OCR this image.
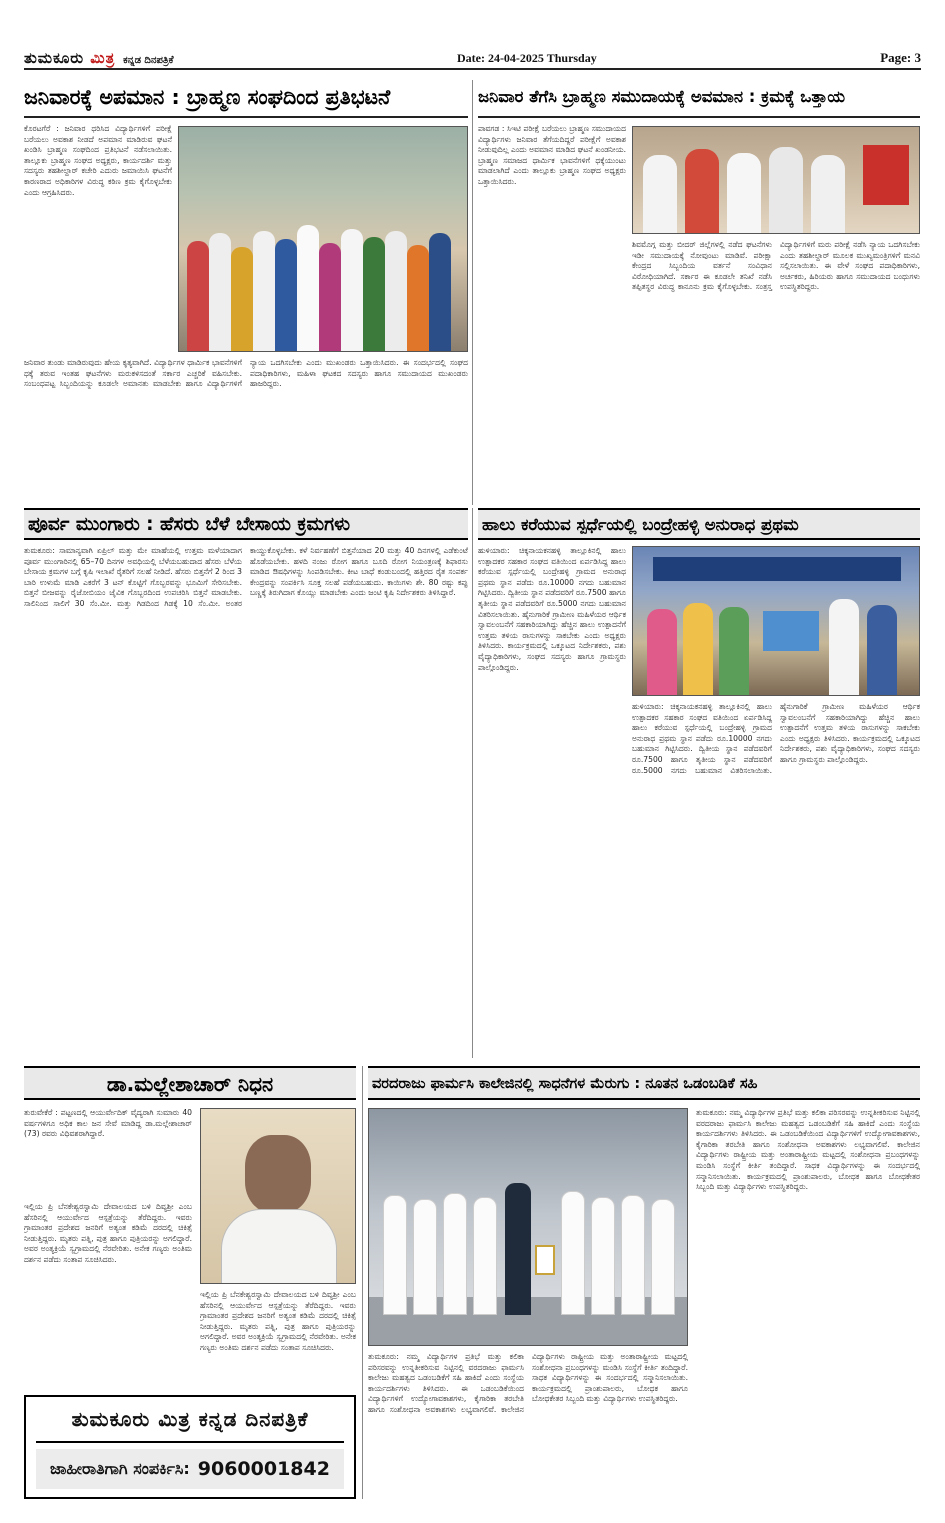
ತುಮಕೂರು ಮಿತ್ರ ಕನ್ನಡ ದಿನಪತ್ರಿಕೆ	Date: 24-04-2025 Thursday	Page: 3
ಜನಿವಾರಕ್ಕೆ ಅಪಮಾನ : ಬ್ರಾಹ್ಮಣ ಸಂಘದಿಂದ ಪ್ರತಿಭಟನೆ
ಕೊರಟಗೆರೆ : ಜನಿವಾರ ಧರಿಸಿದ ವಿದ್ಯಾರ್ಥಿಗಳಿಗೆ ಪರೀಕ್ಷೆ ಬರೆಯಲು ಅವಕಾಶ ನೀಡದೆ ಅಪಮಾನ ಮಾಡಿರುವ ಘಟನೆ ಖಂಡಿಸಿ ಬ್ರಾಹ್ಮಣ ಸಂಘದಿಂದ ಪ್ರತಿಭಟನೆ ನಡೆಸಲಾಯಿತು. ತಾಲ್ಲೂಕು ಬ್ರಾಹ್ಮಣ ಸಂಘದ ಅಧ್ಯಕ್ಷರು, ಕಾರ್ಯದರ್ಶಿ ಮತ್ತು ಸದಸ್ಯರು ತಹಶೀಲ್ದಾರ್ ಕಚೇರಿ ಎದುರು ಜಮಾಯಿಸಿ ಘಟನೆಗೆ ಕಾರಣರಾದ ಅಧಿಕಾರಿಗಳ ವಿರುದ್ಧ ಕಠಿಣ ಕ್ರಮ ಕೈಗೊಳ್ಳಬೇಕು ಎಂದು ಆಗ್ರಹಿಸಿದರು.
ಜನಿವಾರ ತುಂಡು ಮಾಡಿರುವುದು ಹೇಯ ಕೃತ್ಯವಾಗಿದೆ. ವಿದ್ಯಾರ್ಥಿಗಳ ಧಾರ್ಮಿಕ ಭಾವನೆಗಳಿಗೆ ಧಕ್ಕೆ ತರುವ ಇಂತಹ ಘಟನೆಗಳು ಮರುಕಳಿಸದಂತೆ ಸರ್ಕಾರ ಎಚ್ಚರಿಕೆ ವಹಿಸಬೇಕು. ಸಂಬಂಧಪಟ್ಟ ಸಿಬ್ಬಂದಿಯನ್ನು ಕೂಡಲೇ ಅಮಾನತು ಮಾಡಬೇಕು ಹಾಗೂ ವಿದ್ಯಾರ್ಥಿಗಳಿಗೆ ನ್ಯಾಯ ಒದಗಿಸಬೇಕು ಎಂದು ಮುಖಂಡರು ಒತ್ತಾಯಿಸಿದರು. ಈ ಸಂದರ್ಭದಲ್ಲಿ ಸಂಘದ ಪದಾಧಿಕಾರಿಗಳು, ಮಹಿಳಾ ಘಟಕದ ಸದಸ್ಯರು ಹಾಗೂ ಸಮುದಾಯದ ಮುಖಂಡರು ಹಾಜರಿದ್ದರು.
ಜನಿವಾರ ತೆಗೆಸಿ ಬ್ರಾಹ್ಮಣ ಸಮುದಾಯಕ್ಕೆ ಅವಮಾನ : ಕ್ರಮಕ್ಕೆ ಒತ್ತಾಯ
ಪಾವಗಡ : ಸಿಇಟಿ ಪರೀಕ್ಷೆ ಬರೆಯಲು ಬ್ರಾಹ್ಮಣ ಸಮುದಾಯದ ವಿದ್ಯಾರ್ಥಿಗಳು ಜನಿವಾರ ತೆಗೆಯದಿದ್ದರೆ ಪರೀಕ್ಷೆಗೆ ಅವಕಾಶ ನೀಡುವುದಿಲ್ಲ ಎಂದು ಅವಮಾನ ಮಾಡಿದ ಘಟನೆ ಖಂಡನೀಯ. ಬ್ರಾಹ್ಮಣ ಸಮಾಜದ ಧಾರ್ಮಿಕ ಭಾವನೆಗಳಿಗೆ ಧಕ್ಕೆಯುಂಟು ಮಾಡಲಾಗಿದೆ ಎಂದು ತಾಲ್ಲೂಕು ಬ್ರಾಹ್ಮಣ ಸಂಘದ ಅಧ್ಯಕ್ಷರು ಒತ್ತಾಯಿಸಿದರು.
ಶಿವಮೊಗ್ಗ ಮತ್ತು ಬೀದರ್ ಜಿಲ್ಲೆಗಳಲ್ಲಿ ನಡೆದ ಘಟನೆಗಳು ಇಡೀ ಸಮುದಾಯಕ್ಕೆ ನೋವುಂಟು ಮಾಡಿವೆ. ಪರೀಕ್ಷಾ ಕೇಂದ್ರದ ಸಿಬ್ಬಂದಿಯ ವರ್ತನೆ ಸಂವಿಧಾನ ವಿರೋಧಿಯಾಗಿದೆ. ಸರ್ಕಾರ ಈ ಕೂಡಲೇ ತನಿಖೆ ನಡೆಸಿ ತಪ್ಪಿತಸ್ಥರ ವಿರುದ್ಧ ಕಾನೂನು ಕ್ರಮ ಕೈಗೊಳ್ಳಬೇಕು. ಸಂತ್ರಸ್ತ ವಿದ್ಯಾರ್ಥಿಗಳಿಗೆ ಮರು ಪರೀಕ್ಷೆ ನಡೆಸಿ ನ್ಯಾಯ ಒದಗಿಸಬೇಕು ಎಂದು ತಹಶೀಲ್ದಾರ್ ಮೂಲಕ ಮುಖ್ಯಮಂತ್ರಿಗಳಿಗೆ ಮನವಿ ಸಲ್ಲಿಸಲಾಯಿತು. ಈ ವೇಳೆ ಸಂಘದ ಪದಾಧಿಕಾರಿಗಳು, ಅರ್ಚಕರು, ಹಿರಿಯರು ಹಾಗೂ ಸಮುದಾಯದ ಬಂಧುಗಳು ಉಪಸ್ಥಿತರಿದ್ದರು.
ಪೂರ್ವ ಮುಂಗಾರು : ಹೆಸರು ಬೆಳೆ ಬೇಸಾಯ ಕ್ರಮಗಳು
ತುಮಕೂರು: ಸಾಮಾನ್ಯವಾಗಿ ಏಪ್ರಿಲ್ ಮತ್ತು ಮೇ ಮಾಹೆಯಲ್ಲಿ ಉತ್ತಮ ಮಳೆಯಾದಾಗ ಪೂರ್ವ ಮುಂಗಾರಿನಲ್ಲಿ 65–70 ದಿನಗಳ ಅವಧಿಯಲ್ಲಿ ಬೆಳೆಯಬಹುದಾದ ಹೆಸರು ಬೆಳೆಯ ಬೇಸಾಯ ಕ್ರಮಗಳ ಬಗ್ಗೆ ಕೃಷಿ ಇಲಾಖೆ ರೈತರಿಗೆ ಸಲಹೆ ನೀಡಿದೆ. ಹೆಸರು ಬಿತ್ತನೆಗೆ 2 ರಿಂದ 3 ಬಾರಿ ಉಳುಮೆ ಮಾಡಿ ಎಕರೆಗೆ 3 ಟನ್ ಕೊಟ್ಟಿಗೆ ಗೊಬ್ಬರವನ್ನು ಭೂಮಿಗೆ ಸೇರಿಸಬೇಕು. ಬಿತ್ತನೆ ಬೀಜವನ್ನು ರೈಜೋಬಿಯಂ ಜೈವಿಕ ಗೊಬ್ಬರದಿಂದ ಉಪಚರಿಸಿ ಬಿತ್ತನೆ ಮಾಡಬೇಕು. ಸಾಲಿನಿಂದ ಸಾಲಿಗೆ 30 ಸೆಂ.ಮೀ. ಮತ್ತು ಗಿಡದಿಂದ ಗಿಡಕ್ಕೆ 10 ಸೆಂ.ಮೀ. ಅಂತರ ಕಾಯ್ದುಕೊಳ್ಳಬೇಕು. ಕಳೆ ನಿರ್ವಹಣೆಗೆ ಬಿತ್ತನೆಯಾದ 20 ಮತ್ತು 40 ದಿನಗಳಲ್ಲಿ ಎಡೆಕುಂಟೆ ಹೊಡೆಯಬೇಕು. ಹಳದಿ ನಂಜು ರೋಗ ಹಾಗೂ ಬೂದಿ ರೋಗ ನಿಯಂತ್ರಣಕ್ಕೆ ಶಿಫಾರಸು ಮಾಡಿದ ಔಷಧಿಗಳನ್ನು ಸಿಂಪಡಿಸಬೇಕು. ಕೀಟ ಬಾಧೆ ಕಂಡುಬಂದಲ್ಲಿ ಹತ್ತಿರದ ರೈತ ಸಂಪರ್ಕ ಕೇಂದ್ರವನ್ನು ಸಂಪರ್ಕಿಸಿ ಸೂಕ್ತ ಸಲಹೆ ಪಡೆಯಬಹುದು. ಕಾಯಿಗಳು ಶೇ. 80 ರಷ್ಟು ಕಪ್ಪು ಬಣ್ಣಕ್ಕೆ ತಿರುಗಿದಾಗ ಕೊಯ್ಲು ಮಾಡಬೇಕು ಎಂದು ಜಂಟಿ ಕೃಷಿ ನಿರ್ದೇಶಕರು ತಿಳಿಸಿದ್ದಾರೆ.
ಹಾಲು ಕರೆಯುವ ಸ್ಪರ್ಧೆಯಲ್ಲಿ ಬಂದ್ರೇಹಳ್ಳಿ ಅನುರಾಧ ಪ್ರಥಮ
ಹುಳಿಯಾರು: ಚಿಕ್ಕನಾಯಕನಹಳ್ಳಿ ತಾಲ್ಲೂಕಿನಲ್ಲಿ ಹಾಲು ಉತ್ಪಾದಕರ ಸಹಕಾರ ಸಂಘದ ವತಿಯಿಂದ ಏರ್ಪಡಿಸಿದ್ದ ಹಾಲು ಕರೆಯುವ ಸ್ಪರ್ಧೆಯಲ್ಲಿ ಬಂದ್ರೇಹಳ್ಳಿ ಗ್ರಾಮದ ಅನುರಾಧ ಪ್ರಥಮ ಸ್ಥಾನ ಪಡೆದು ರೂ.10000 ನಗದು ಬಹುಮಾನ ಗಿಟ್ಟಿಸಿದರು. ದ್ವಿತೀಯ ಸ್ಥಾನ ಪಡೆದವರಿಗೆ ರೂ.7500 ಹಾಗೂ ತೃತೀಯ ಸ್ಥಾನ ಪಡೆದವರಿಗೆ ರೂ.5000 ನಗದು ಬಹುಮಾನ ವಿತರಿಸಲಾಯಿತು. ಹೈನುಗಾರಿಕೆ ಗ್ರಾಮೀಣ ಮಹಿಳೆಯರ ಆರ್ಥಿಕ ಸ್ವಾವಲಂಬನೆಗೆ ಸಹಕಾರಿಯಾಗಿದ್ದು ಹೆಚ್ಚಿನ ಹಾಲು ಉತ್ಪಾದನೆಗೆ ಉತ್ತಮ ತಳಿಯ ರಾಸುಗಳನ್ನು ಸಾಕಬೇಕು ಎಂದು ಅಧ್ಯಕ್ಷರು ತಿಳಿಸಿದರು. ಕಾರ್ಯಕ್ರಮದಲ್ಲಿ ಒಕ್ಕೂಟದ ನಿರ್ದೇಶಕರು, ಪಶು ವೈದ್ಯಾಧಿಕಾರಿಗಳು, ಸಂಘದ ಸದಸ್ಯರು ಹಾಗೂ ಗ್ರಾಮಸ್ಥರು ಪಾಲ್ಗೊಂಡಿದ್ದರು.
ಹುಳಿಯಾರು: ಚಿಕ್ಕನಾಯಕನಹಳ್ಳಿ ತಾಲ್ಲೂಕಿನಲ್ಲಿ ಹಾಲು ಉತ್ಪಾದಕರ ಸಹಕಾರ ಸಂಘದ ವತಿಯಿಂದ ಏರ್ಪಡಿಸಿದ್ದ ಹಾಲು ಕರೆಯುವ ಸ್ಪರ್ಧೆಯಲ್ಲಿ ಬಂದ್ರೇಹಳ್ಳಿ ಗ್ರಾಮದ ಅನುರಾಧ ಪ್ರಥಮ ಸ್ಥಾನ ಪಡೆದು ರೂ.10000 ನಗದು ಬಹುಮಾನ ಗಿಟ್ಟಿಸಿದರು. ದ್ವಿತೀಯ ಸ್ಥಾನ ಪಡೆದವರಿಗೆ ರೂ.7500 ಹಾಗೂ ತೃತೀಯ ಸ್ಥಾನ ಪಡೆದವರಿಗೆ ರೂ.5000 ನಗದು ಬಹುಮಾನ ವಿತರಿಸಲಾಯಿತು. ಹೈನುಗಾರಿಕೆ ಗ್ರಾಮೀಣ ಮಹಿಳೆಯರ ಆರ್ಥಿಕ ಸ್ವಾವಲಂಬನೆಗೆ ಸಹಕಾರಿಯಾಗಿದ್ದು ಹೆಚ್ಚಿನ ಹಾಲು ಉತ್ಪಾದನೆಗೆ ಉತ್ತಮ ತಳಿಯ ರಾಸುಗಳನ್ನು ಸಾಕಬೇಕು ಎಂದು ಅಧ್ಯಕ್ಷರು ತಿಳಿಸಿದರು. ಕಾರ್ಯಕ್ರಮದಲ್ಲಿ ಒಕ್ಕೂಟದ ನಿರ್ದೇಶಕರು, ಪಶು ವೈದ್ಯಾಧಿಕಾರಿಗಳು, ಸಂಘದ ಸದಸ್ಯರು ಹಾಗೂ ಗ್ರಾಮಸ್ಥರು ಪಾಲ್ಗೊಂಡಿದ್ದರು.
ಡಾ.ಮಲ್ಲೇಶಾಚಾರ್ ನಿಧನ
ತುರುವೇಕೆರೆ : ಪಟ್ಟಣದಲ್ಲಿ ಆಯುರ್ವೇದಿಕ್ ವೈದ್ಯರಾಗಿ ಸುಮಾರು 40 ವರ್ಷಗಳಿಗೂ ಅಧಿಕ ಕಾಲ ಜನ ಸೇವೆ ಮಾಡಿದ್ದ ಡಾ.ಮಲ್ಲೇಶಾಚಾರ್ (73) ರವರು ವಿಧಿವಶರಾಗಿದ್ದಾರೆ.
ಇಲ್ಲಿಯ ಪ್ರಿ ಬೆನಕೇಶ್ವರಸ್ವಾಮಿ ದೇವಾಲಯದ ಬಳಿ ದಿವ್ಯಶ್ರೀ ಎಂಬ ಹೆಸರಿನಲ್ಲಿ ಆಯುರ್ವೇದ ಆಸ್ಪತ್ರೆಯನ್ನು ತೆರೆದಿದ್ದರು. ಇವರು ಗ್ರಾಮಾಂತರ ಪ್ರದೇಶದ ಜನರಿಗೆ ಅತ್ಯಂತ ಕಡಿಮೆ ದರದಲ್ಲಿ ಚಿಕಿತ್ಸೆ ನೀಡುತ್ತಿದ್ದರು. ಮೃತರು ಪತ್ನಿ, ಪುತ್ರ ಹಾಗೂ ಪುತ್ರಿಯರನ್ನು ಅಗಲಿದ್ದಾರೆ. ಅವರ ಅಂತ್ಯಕ್ರಿಯೆ ಸ್ವಗ್ರಾಮದಲ್ಲಿ ನೆರವೇರಿತು. ಅನೇಕ ಗಣ್ಯರು ಅಂತಿಮ ದರ್ಶನ ಪಡೆದು ಸಂತಾಪ ಸೂಚಿಸಿದರು.
ಇಲ್ಲಿಯ ಪ್ರಿ ಬೆನಕೇಶ್ವರಸ್ವಾಮಿ ದೇವಾಲಯದ ಬಳಿ ದಿವ್ಯಶ್ರೀ ಎಂಬ ಹೆಸರಿನಲ್ಲಿ ಆಯುರ್ವೇದ ಆಸ್ಪತ್ರೆಯನ್ನು ತೆರೆದಿದ್ದರು. ಇವರು ಗ್ರಾಮಾಂತರ ಪ್ರದೇಶದ ಜನರಿಗೆ ಅತ್ಯಂತ ಕಡಿಮೆ ದರದಲ್ಲಿ ಚಿಕಿತ್ಸೆ ನೀಡುತ್ತಿದ್ದರು. ಮೃತರು ಪತ್ನಿ, ಪುತ್ರ ಹಾಗೂ ಪುತ್ರಿಯರನ್ನು ಅಗಲಿದ್ದಾರೆ. ಅವರ ಅಂತ್ಯಕ್ರಿಯೆ ಸ್ವಗ್ರಾಮದಲ್ಲಿ ನೆರವೇರಿತು. ಅನೇಕ ಗಣ್ಯರು ಅಂತಿಮ ದರ್ಶನ ಪಡೆದು ಸಂತಾಪ ಸೂಚಿಸಿದರು.
ತುಮಕೂರು ಮಿತ್ರ ಕನ್ನಡ ದಿನಪತ್ರಿಕೆ
ಜಾಹೀರಾತಿಗಾಗಿ ಸಂಪರ್ಕಿಸಿ: 9060001842
ವರದರಾಜು ಫಾರ್ಮಸಿ ಕಾಲೇಜಿನಲ್ಲಿ ಸಾಧನೆಗಳ ಮೆರುಗು : ನೂತನ ಒಡಂಬಡಿಕೆ ಸಹಿ
ತುಮಕೂರು: ನಮ್ಮ ವಿದ್ಯಾರ್ಥಿಗಳ ಪ್ರತಿಭೆ ಮತ್ತು ಕಲಿಕಾ ಪರಿಸರವನ್ನು ಉನ್ನತೀಕರಿಸುವ ನಿಟ್ಟಿನಲ್ಲಿ ವರದರಾಜು ಫಾರ್ಮಸಿ ಕಾಲೇಜು ಮಹತ್ವದ ಒಡಂಬಡಿಕೆಗೆ ಸಹಿ ಹಾಕಿದೆ ಎಂದು ಸಂಸ್ಥೆಯ ಕಾರ್ಯದರ್ಶಿಗಳು ತಿಳಿಸಿದರು. ಈ ಒಡಂಬಡಿಕೆಯಿಂದ ವಿದ್ಯಾರ್ಥಿಗಳಿಗೆ ಉದ್ಯೋಗಾವಕಾಶಗಳು, ಕೈಗಾರಿಕಾ ತರಬೇತಿ ಹಾಗೂ ಸಂಶೋಧನಾ ಅವಕಾಶಗಳು ಲಭ್ಯವಾಗಲಿವೆ. ಕಾಲೇಜಿನ ವಿದ್ಯಾರ್ಥಿಗಳು ರಾಷ್ಟ್ರೀಯ ಮತ್ತು ಅಂತಾರಾಷ್ಟ್ರೀಯ ಮಟ್ಟದಲ್ಲಿ ಸಂಶೋಧನಾ ಪ್ರಬಂಧಗಳನ್ನು ಮಂಡಿಸಿ ಸಂಸ್ಥೆಗೆ ಕೀರ್ತಿ ತಂದಿದ್ದಾರೆ. ಸಾಧಕ ವಿದ್ಯಾರ್ಥಿಗಳನ್ನು ಈ ಸಂದರ್ಭದಲ್ಲಿ ಸನ್ಮಾನಿಸಲಾಯಿತು. ಕಾರ್ಯಕ್ರಮದಲ್ಲಿ ಪ್ರಾಂಶುಪಾಲರು, ಬೋಧಕ ಹಾಗೂ ಬೋಧಕೇತರ ಸಿಬ್ಬಂದಿ ಮತ್ತು ವಿದ್ಯಾರ್ಥಿಗಳು ಉಪಸ್ಥಿತರಿದ್ದರು.
ತುಮಕೂರು: ನಮ್ಮ ವಿದ್ಯಾರ್ಥಿಗಳ ಪ್ರತಿಭೆ ಮತ್ತು ಕಲಿಕಾ ಪರಿಸರವನ್ನು ಉನ್ನತೀಕರಿಸುವ ನಿಟ್ಟಿನಲ್ಲಿ ವರದರಾಜು ಫಾರ್ಮಸಿ ಕಾಲೇಜು ಮಹತ್ವದ ಒಡಂಬಡಿಕೆಗೆ ಸಹಿ ಹಾಕಿದೆ ಎಂದು ಸಂಸ್ಥೆಯ ಕಾರ್ಯದರ್ಶಿಗಳು ತಿಳಿಸಿದರು. ಈ ಒಡಂಬಡಿಕೆಯಿಂದ ವಿದ್ಯಾರ್ಥಿಗಳಿಗೆ ಉದ್ಯೋಗಾವಕಾಶಗಳು, ಕೈಗಾರಿಕಾ ತರಬೇತಿ ಹಾಗೂ ಸಂಶೋಧನಾ ಅವಕಾಶಗಳು ಲಭ್ಯವಾಗಲಿವೆ. ಕಾಲೇಜಿನ ವಿದ್ಯಾರ್ಥಿಗಳು ರಾಷ್ಟ್ರೀಯ ಮತ್ತು ಅಂತಾರಾಷ್ಟ್ರೀಯ ಮಟ್ಟದಲ್ಲಿ ಸಂಶೋಧನಾ ಪ್ರಬಂಧಗಳನ್ನು ಮಂಡಿಸಿ ಸಂಸ್ಥೆಗೆ ಕೀರ್ತಿ ತಂದಿದ್ದಾರೆ. ಸಾಧಕ ವಿದ್ಯಾರ್ಥಿಗಳನ್ನು ಈ ಸಂದರ್ಭದಲ್ಲಿ ಸನ್ಮಾನಿಸಲಾಯಿತು. ಕಾರ್ಯಕ್ರಮದಲ್ಲಿ ಪ್ರಾಂಶುಪಾಲರು, ಬೋಧಕ ಹಾಗೂ ಬೋಧಕೇತರ ಸಿಬ್ಬಂದಿ ಮತ್ತು ವಿದ್ಯಾರ್ಥಿಗಳು ಉಪಸ್ಥಿತರಿದ್ದರು.
